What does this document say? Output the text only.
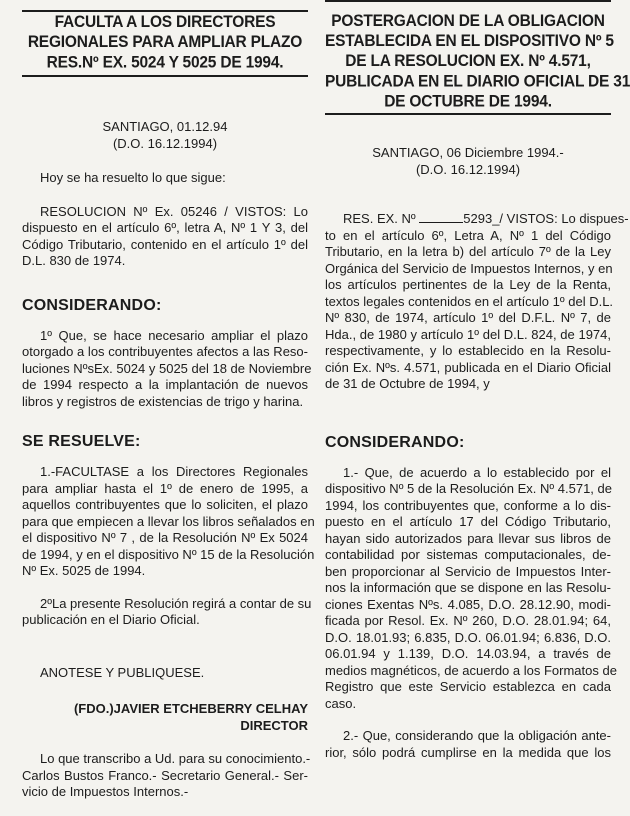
FACULTA A LOS DIRECTORES
REGIONALES PARA AMPLIAR PLAZO
RES.Nº EX. 5024 Y 5025 DE 1994.
SANTIAGO, 01.12.94
(D.O. 16.12.1994)

Hoy se ha resuelto lo que sigue:

RESOLUCION Nº Ex. 05246 / VISTOS: Lo
dispuesto en el artículo 6º, letra A, Nº 1 Y 3, del
Código Tributario, contenido en el artículo 1º del
D.L. 830 de 1974.
CONSIDERANDO:
1º Que, se hace necesario ampliar el plazo
otorgado a los contribuyentes afectos a las Reso-
luciones NºsEx. 5024 y 5025 del 18 de Noviembre
de 1994 respecto a la implantación de nuevos
libros y registros de existencias de trigo y harina.
SE RESUELVE:
1.-FACULTASE a los Directores Regionales
para ampliar hasta el 1º de enero de 1995, a
aquellos contribuyentes que lo soliciten, el plazo
para que empiecen a llevar los libros señalados en
el dispositivo Nº 7 , de la Resolución Nº Ex 5024
de 1994, y en el dispositivo Nº 15 de la Resolución
Nº Ex. 5025 de 1994.
2ºLa presente Resolución regirá a contar de su
publicación en el Diario Oficial.

ANOTESE Y PUBLIQUESE.

(FDO.)JAVIER ETCHEBERRY CELHAY
DIRECTOR
Lo que transcribo a Ud. para su conocimiento.-
Carlos Bustos Franco.- Secretario General.- Ser-
vicio de Impuestos Internos.-
POSTERGACION DE LA OBLIGACION
ESTABLECIDA EN EL DISPOSITIVO Nº 5
DE LA RESOLUCION EX. Nº 4.571,
PUBLICADA EN EL DIARIO OFICIAL DE 31
DE OCTUBRE DE 1994.
SANTIAGO, 06 Diciembre 1994.-
(D.O. 16.12.1994)
RES. EX. Nº	5293_/ VISTOS: Lo dispues-
to en el artículo 6º, Letra A, Nº 1 del Código
Tributario, en la letra b) del artículo 7º de la Ley
Orgánica del Servicio de Impuestos Internos, y en
los artículos pertinentes de la Ley de la Renta,
textos legales contenidos en el artículo 1º del D.L.
Nº 830, de 1974, artículo 1º del D.F.L. Nº 7, de
Hda., de 1980 y artículo 1º del D.L. 824, de 1974,
respectivamente, y lo establecido en la Resolu-
ción Ex. Nºs. 4.571, publicada en el Diario Oficial
de 31 de Octubre de 1994, y
CONSIDERANDO:
1.- Que, de acuerdo a lo establecido por el
dispositivo Nº 5 de la Resolución Ex. Nº 4.571, de
1994, los contribuyentes que, conforme a lo dis-
puesto en el artículo 17 del Código Tributario,
hayan sido autorizados para llevar sus libros de
contabilidad por sistemas computacionales, de-
ben proporcionar al Servicio de Impuestos Inter-
nos la información que se dispone en las Resolu-
ciones Exentas Nºs. 4.085, D.O. 28.12.90, modi-
ficada por Resol. Ex. Nº 260, D.O. 28.01.94; 64,
D.O. 18.01.93; 6.835, D.O. 06.01.94; 6.836, D.O.
06.01.94 y 1.139, D.O. 14.03.94, a través de
medios magnéticos, de acuerdo a los Formatos de
Registro que este Servicio establezca en cada
caso.
2.- Que, considerando que la obligación ante-
rior, sólo podrá cumplirse en la medida que los
